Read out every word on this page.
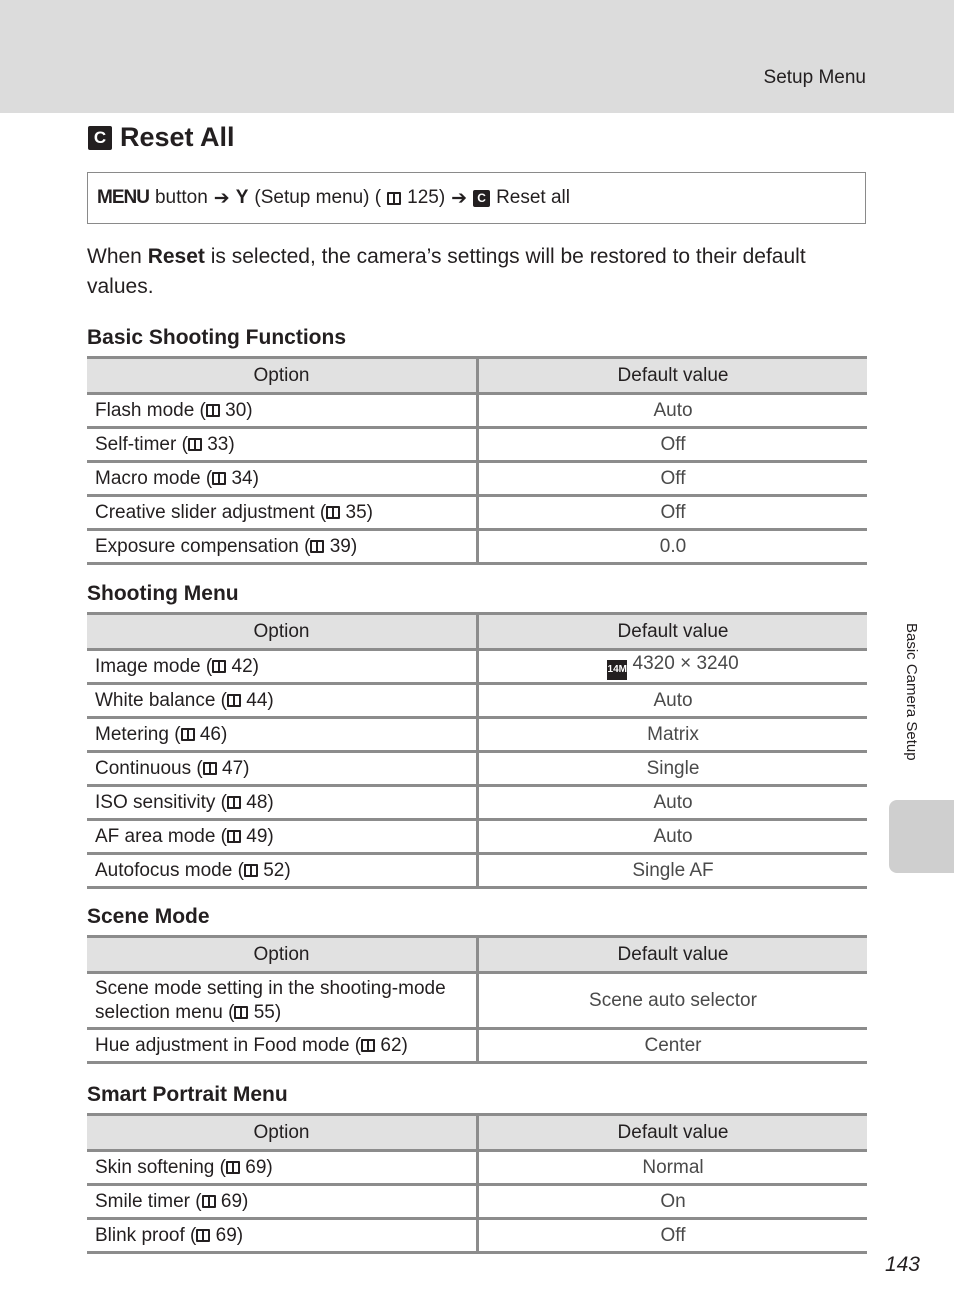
Setup Menu
C Reset All
MENU button ➔ Y (Setup menu) ( 125) ➔ C Reset all
When Reset is selected, the camera’s settings will be restored to their default values.
Basic Shooting Functions
Option	Default value
Flash mode ( 30)	Auto
Self-timer ( 33)	Off
Macro mode ( 34)	Off
Creative slider adjustment ( 35)	Off
Exposure compensation ( 39)	0.0
Shooting Menu
Option	Default value
Image mode ( 42)	14M 4320 × 3240
White balance ( 44)	Auto
Metering ( 46)	Matrix
Continuous ( 47)	Single
ISO sensitivity ( 48)	Auto
AF area mode ( 49)	Auto
Autofocus mode ( 52)	Single AF
Scene Mode
Option	Default value
Scene mode setting in the shooting-mode
selection menu ( 55)	Scene auto selector
Hue adjustment in Food mode ( 62)	Center
Smart Portrait Menu
Option	Default value
Skin softening ( 69)	Normal
Smile timer ( 69)	On
Blink proof ( 69)	Off
Basic Camera Setup
143
